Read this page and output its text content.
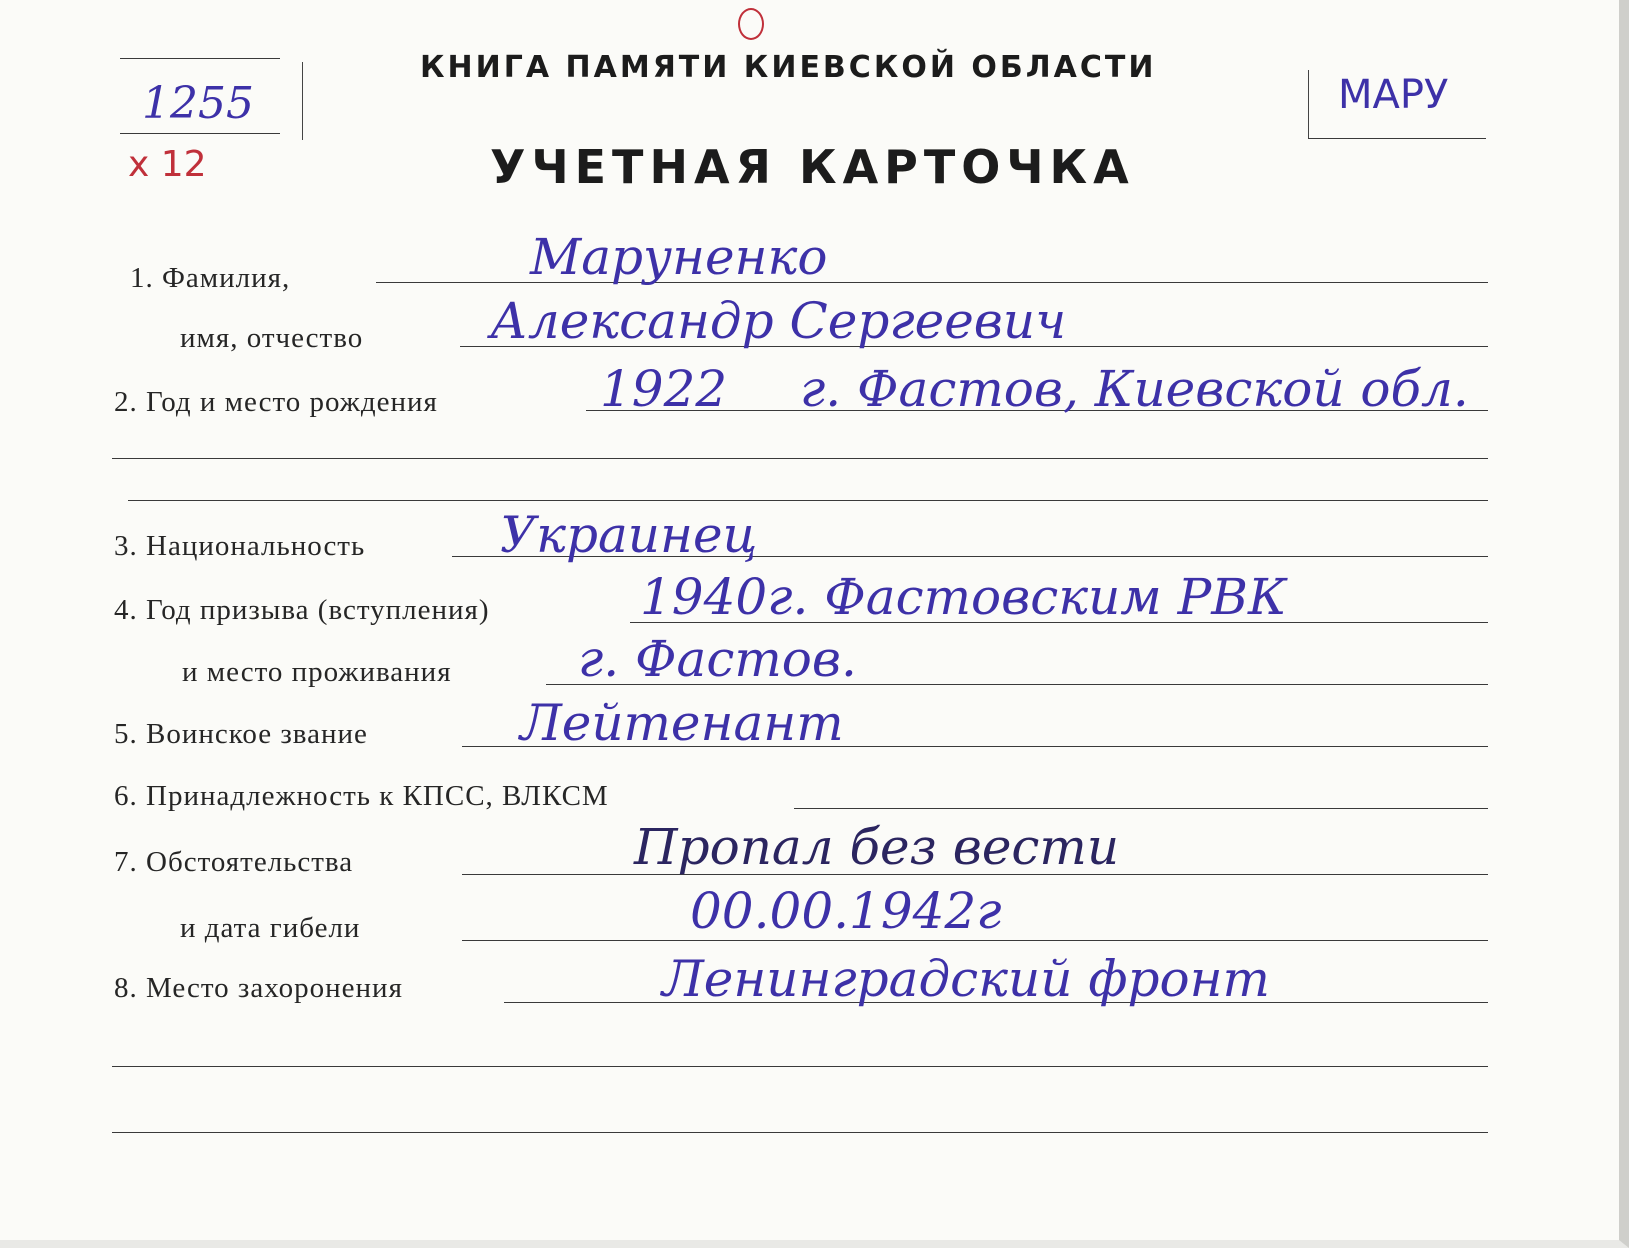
1255
x 12
МАРУ
КНИГА ПАМЯТИ КИЕВСКОЙ ОБЛАСТИ
УЧЕТНАЯ КАРТОЧКА
1. Фамилия,	Маруненко
имя, отчество	Александр Сергеевич
2. Год и место рождения	1922 г. Фастов, Киевской обл.
3. Национальность	Украинец
4. Год призыва (вступления)	1940г. Фастовским РВК
и место проживания	г. Фастов.
5. Воинское звание	Лейтенант
6. Принадлежность к КПСС, ВЛКСМ
7. Обстоятельства	Пропал без вести
и дата гибели	00.00.1942г
8. Место захоронения	Ленинградский фронт
